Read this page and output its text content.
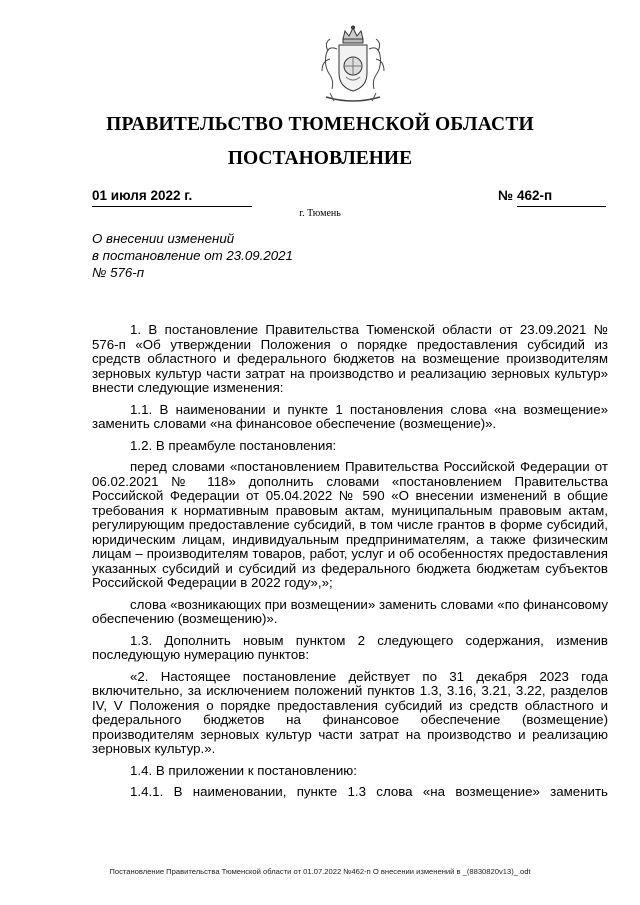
ПРАВИТЕЛЬСТВО ТЮМЕНСКОЙ ОБЛАСТИ
ПОСТАНОВЛЕНИЕ
01 июля 2022 г.	№ 462-п
г. Тюмень
О внесении изменений
в постановление от 23.09.2021
№ 576-п

1. В постановление Правительства Тюменской области от 23.09.2021 № 576-п «Об утверждении Положения о порядке предоставления субсидий из средств областного и федерального бюджетов на возмещение производителям зерновых культур части затрат на производство и реализацию зерновых культур» внести следующие изменения:

1.1. В наименовании и пункте 1 постановления слова «на возмещение» заменить словами «на финансовое обеспечение (возмещение)».

1.2. В преамбуле постановления:

перед словами «постановлением Правительства Российской Федерации от 06.02.2021 № 118» дополнить словами «постановлением Правительства Российской Федерации от 05.04.2022 № 590 «О внесении изменений в общие требования к нормативным правовым актам, муниципальным правовым актам, регулирующим предоставление субсидий, в том числе грантов в форме субсидий, юридическим лицам, индивидуальным предпринимателям, а также физическим лицам – производителям товаров, работ, услуг и об особенностях предоставления указанных субсидий и субсидий из федерального бюджета бюджетам субъектов Российской Федерации в 2022 году»,»;

слова «возникающих при возмещении» заменить словами «по финансовому обеспечению (возмещению)».

1.3. Дополнить новым пунктом 2 следующего содержания, изменив последующую нумерацию пунктов:

«2. Настоящее постановление действует по 31 декабря 2023 года включительно, за исключением положений пунктов 1.3, 3.16, 3.21, 3.22, разделов IV, V Положения о порядке предоставления субсидий из средств областного и федерального бюджетов на финансовое обеспечение (возмещение) производителям зерновых культур части затрат на производство и реализацию зерновых культур.».

1.4. В приложении к постановлению:

1.4.1. В наименовании, пункте 1.3 слова «на возмещение» заменить

Постановление Правительства Тюменской области от 01.07.2022 №462-п О внесении изменений в _(8830820v13)_.odt
